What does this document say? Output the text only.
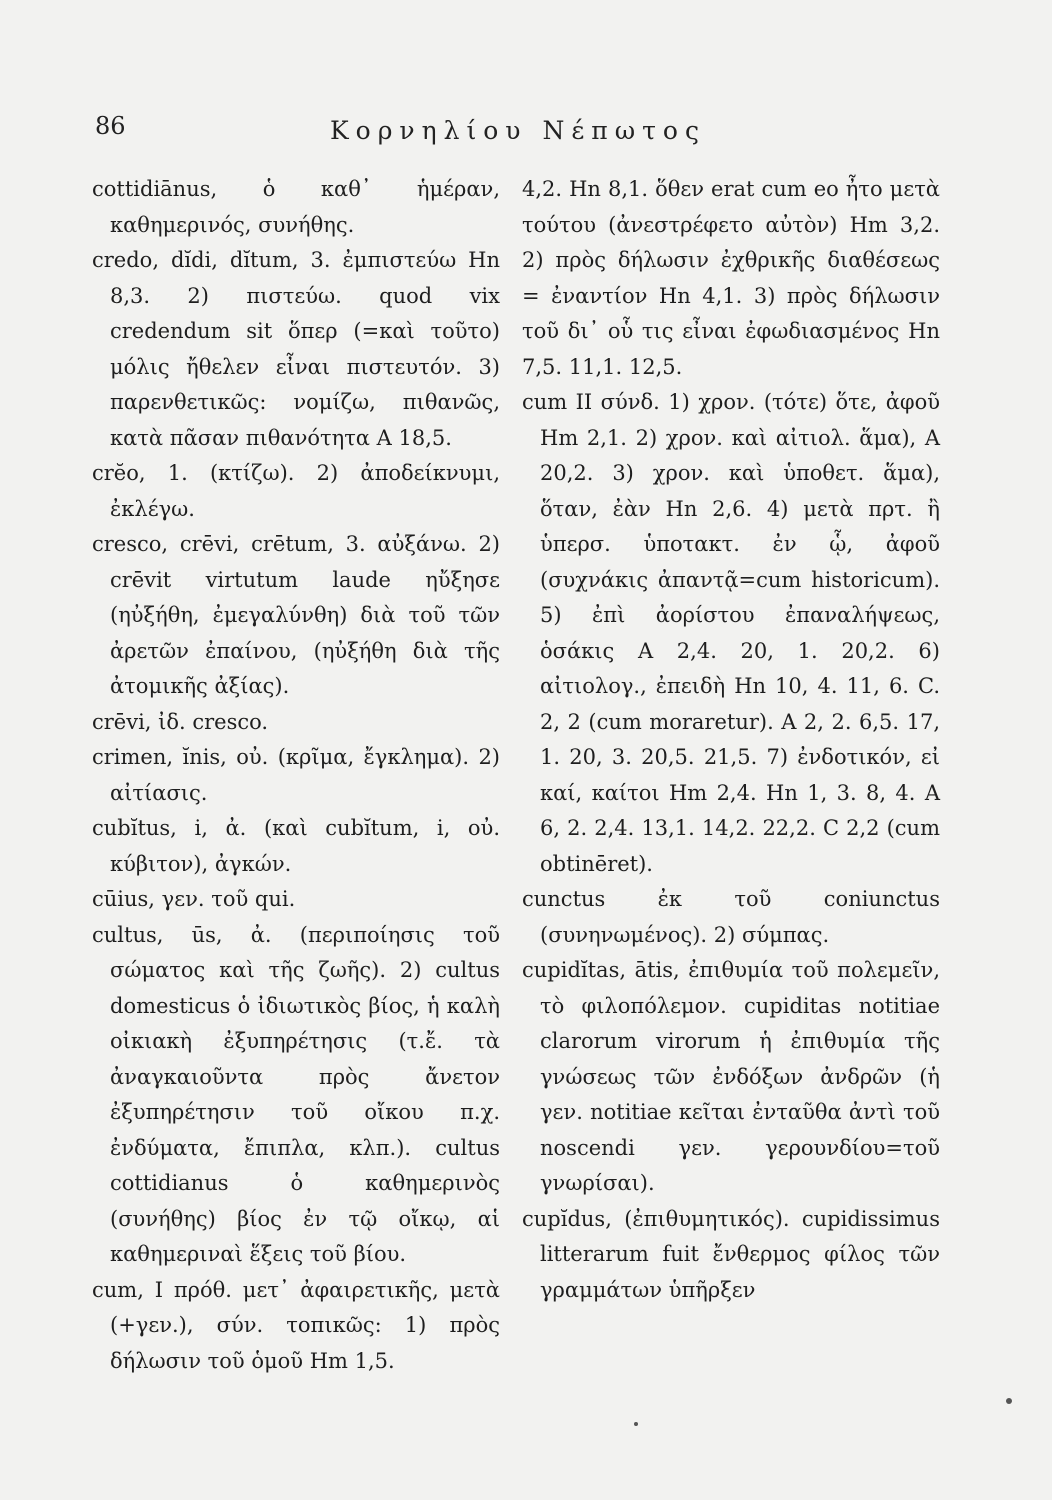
86	Κορνηλίου Νέπωτος

cottidiānus, ὁ καθ᾽ ἡμέραν, καθημερινός, συνήθης.

credo, dĭdi, dĭtum, 3. ἐμπιστεύω Hn 8,3. 2) πιστεύω. quod vix credendum sit ὅπερ (=καὶ τοῦτο) μόλις ἤθελεν εἶναι πιστευτόν. 3) παρενθετικῶς: νομίζω, πιθανῶς, κατὰ πᾶσαν πιθανότητα A 18,5.

crĕo, 1. (κτίζω). 2) ἀποδείκνυμι, ἐκλέγω.

cresco, crēvi, crētum, 3. αὐξάνω. 2) crēvit virtutum laude ηὔξησε (ηὐξήθη, ἐμεγαλύνθη) διὰ τοῦ τῶν ἀρετῶν ἐπαίνου, (ηὐξήθη διὰ τῆς ἀτομικῆς ἀξίας).

crēvi, ἰδ. cresco.

crimen, ĭnis, οὐ. (κρῖμα, ἔγκλημα). 2) αἰτίασις.

cubĭtus, i, ἀ. (καὶ cubĭtum, i, οὐ. κύβιτον), ἀγκών.

cūius, γεν. τοῦ qui.

cultus, ūs, ἀ. (περιποίησις τοῦ σώματος καὶ τῆς ζωῆς). 2) cultus domesticus ὁ ἰδιωτικὸς βίος, ἡ καλὴ οἰκιακὴ ἐξυπηρέτησις (τ.ἔ. τὰ ἀναγκαιοῦντα πρὸς ἄνετον ἐξυπηρέτησιν τοῦ οἴκου π.χ. ἐνδύματα, ἔπιπλα, κλπ.). cultus cottidianus ὁ καθημερινὸς (συνήθης) βίος ἐν τῷ οἴκῳ, αἱ καθημεριναὶ ἕξεις τοῦ βίου.

cum, I πρόθ. μετ᾽ ἀφαιρετικῆς, μετὰ (+γεν.), σύν. τοπικῶς: 1) πρὸς δήλωσιν τοῦ ὁμοῦ Hm 1,5.

4,2. Hn 8,1. ὅθεν erat cum eo ἦτο μετὰ τούτου (ἀνεστρέφετο αὐτὸν) Hm 3,2. 2) πρὸς δήλωσιν ἐχθρικῆς διαθέσεως = ἐναντίον Hn 4,1. 3) πρὸς δήλωσιν τοῦ δι᾽ οὗ τις εἶναι ἐφωδιασμένος Hn 7,5. 11,1. 12,5.

cum II σύνδ. 1) χρον. (τότε) ὅτε, ἀφοῦ Hm 2,1. 2) χρον. καὶ αἰτιολ. ἅμα), A 20,2. 3) χρον. καὶ ὑποθετ. ἅμα), ὅταν, ἐὰν Hn 2,6. 4) μετὰ πρτ. ἢ ὑπερσ. ὑποτακτ. ἐν ᾧ, ἀφοῦ (συχνάκις ἀπαντᾷ=cum historicum). 5) ἐπὶ ἀορίστου ἐπαναλήψεως, ὁσάκις A 2,4. 20, 1. 20,2. 6) αἰτιολογ., ἐπειδὴ Hn 10, 4. 11, 6. C. 2, 2 (cum moraretur). A 2, 2. 6,5. 17, 1. 20, 3. 20,5. 21,5. 7) ἐνδοτικόν, εἰ καί, καίτοι Hm 2,4. Hn 1, 3. 8, 4. A 6, 2. 2,4. 13,1. 14,2. 22,2. C 2,2 (cum obtinēret).

cunctus ἐκ τοῦ coniunctus (συνηνωμένος). 2) σύμπας.

cupidĭtas, ātis, ἐπιθυμία τοῦ πολεμεῖν, τὸ φιλοπόλεμον. cupiditas notitiae clarorum virorum ἡ ἐπιθυμία τῆς γνώσεως τῶν ἐνδόξων ἀνδρῶν (ἡ γεν. notitiae κεῖται ἐνταῦθα ἀντὶ τοῦ noscendi γεν. γερουνδίου=τοῦ γνωρίσαι).

cupĭdus, (ἐπιθυμητικός). cupidissimus litterarum fuit ἔνθερμος φίλος τῶν γραμμάτων ὑπῆρξεν
